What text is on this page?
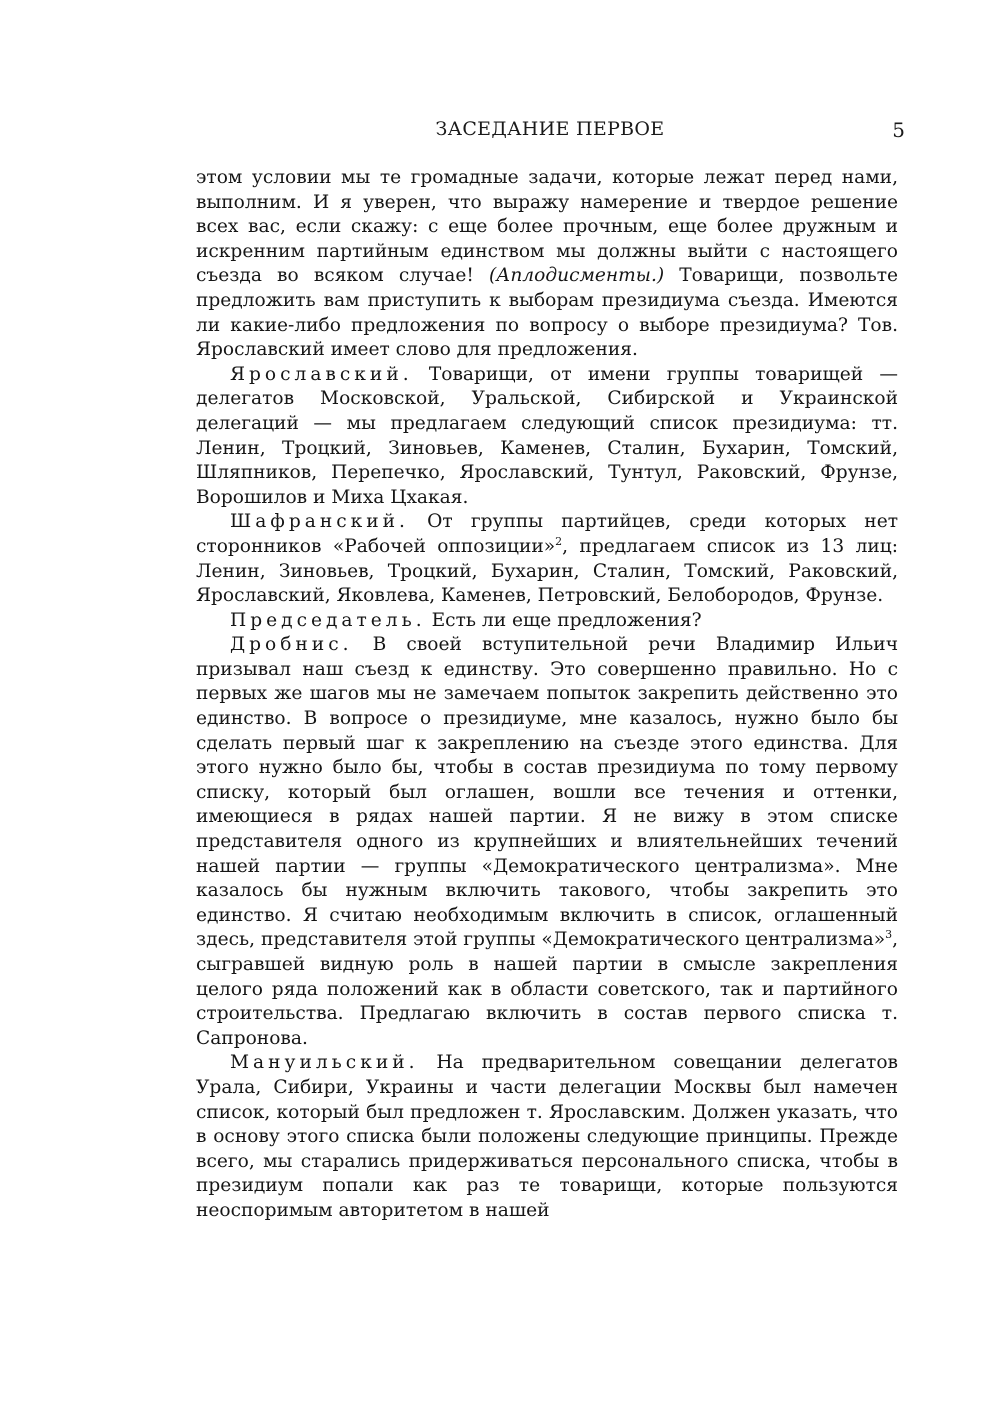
ЗАСЕДАНИЕ ПЕРВОЕ	5

этом условии мы те громадные задачи, которые лежат перед нами, выполним. И я уверен, что выражу намерение и твердое решение всех вас, если скажу: с еще более прочным, еще более дружным и искренним партийным единством мы должны выйти с настоящего съезда во всяком случае! (Аплодисменты.) Товарищи, позвольте предложить вам приступить к выборам президиума съезда. Имеются ли какие-либо предложения по вопросу о выборе президиума? Тов. Ярославский имеет слово для предложения.

Ярославский. Товарищи, от имени группы товарищей — делегатов Московской, Уральской, Сибирской и Украинской делегаций — мы предлагаем следующий список президиума: тт. Ленин, Троцкий, Зиновьев, Каменев, Сталин, Бухарин, Томский, Шляпников, Перепечко, Ярославский, Тунтул, Раковский, Фрунзе, Ворошилов и Миха Цхакая.

Шафранский. От группы партийцев, среди которых нет сторонников «Рабочей оппозиции»$^2$, предлагаем список из 13 лиц: Ленин, Зиновьев, Троцкий, Бухарин, Сталин, Томский, Раковский, Ярославский, Яковлева, Каменев, Петровский, Белобородов, Фрунзе.

Председатель. Есть ли еще предложения?

Дробнис. В своей вступительной речи Владимир Ильич призывал наш съезд к единству. Это совершенно правильно. Но с первых же шагов мы не замечаем попыток закрепить действенно это единство. В вопросе о президиуме, мне казалось, нужно было бы сделать первый шаг к закреплению на съезде этого единства. Для этого нужно было бы, чтобы в состав президиума по тому первому списку, который был оглашен, вошли все течения и оттенки, имеющиеся в рядах нашей партии. Я не вижу в этом списке представителя одного из крупнейших и влиятельнейших течений нашей партии — группы «Демократического централизма». Мне казалось бы нужным включить такового, чтобы закрепить это единство. Я считаю необходимым включить в список, оглашенный здесь, представителя этой группы «Демократического централизма»$^3$, сыгравшей видную роль в нашей партии в смысле закрепления целого ряда положений как в области советского, так и партийного строительства. Предлагаю включить в состав первого списка т. Сапронова.

Мануильский. На предварительном совещании делегатов Урала, Сибири, Украины и части делегации Москвы был намечен список, который был предложен т. Ярославским. Должен указать, что в основу этого списка были положены следующие принципы. Прежде всего, мы старались придерживаться персонального списка, чтобы в президиум попали как раз те товарищи, которые пользуются неоспоримым авторитетом в нашей
